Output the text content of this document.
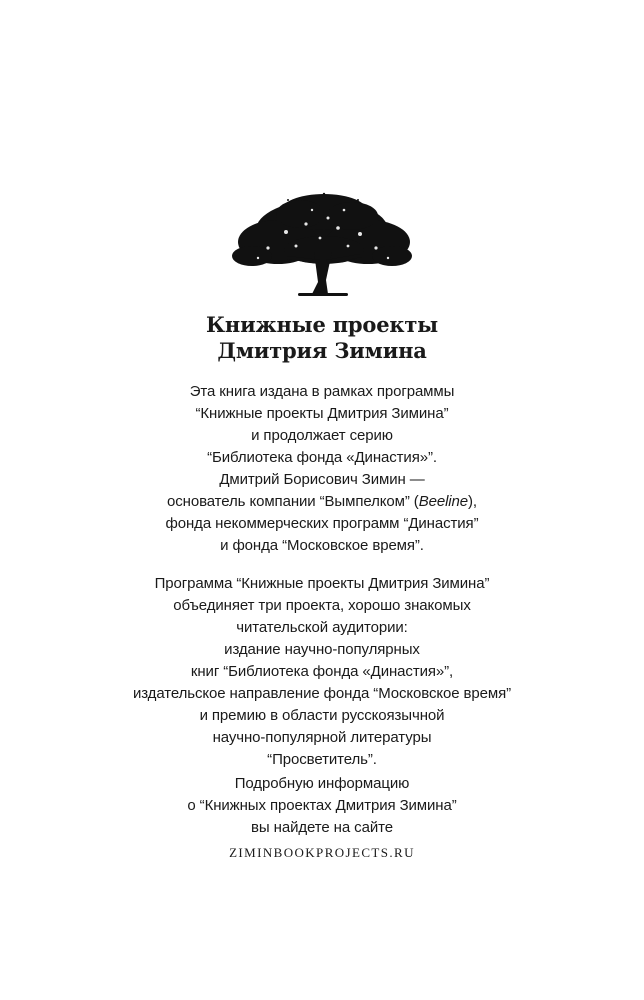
Книжные проекты
Дмитрия Зимина
Эта книга издана в рамках программы
“Книжные проекты Дмитрия Зимина”
и продолжает серию
“Библиотека фонда «Династия»”.
Дмитрий Борисович Зимин —
основатель компании “Вымпелком” (Beeline),
фонда некоммерческих программ “Династия”
и фонда “Московское время”.
Программа “Книжные проекты Дмитрия Зимина”
объединяет три проекта, хорошо знакомых
читательской аудитории:
издание научно-популярных
книг “Библиотека фонда «Династия»”,
издательское направление фонда “Московское время”
и премию в области русскоязычной
научно-популярной литературы
“Просветитель”.
Подробную информацию
о “Книжных проектах Дмитрия Зимина”
вы найдете на сайте
ZIMINBOOKPROJECTS.RU
